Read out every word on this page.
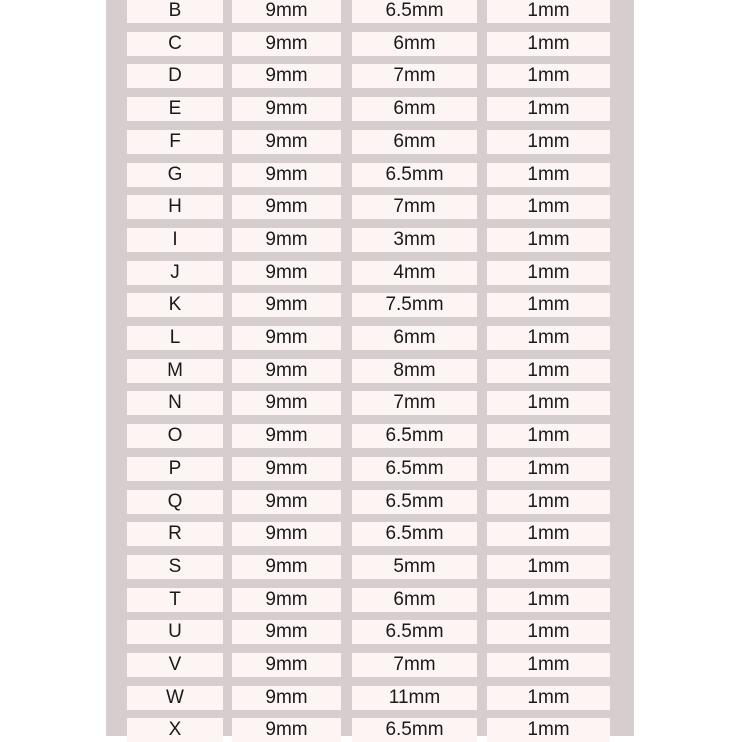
B	9mm	6.5mm	1mm
C	9mm	6mm	1mm
D	9mm	7mm	1mm
E	9mm	6mm	1mm
F	9mm	6mm	1mm
G	9mm	6.5mm	1mm
H	9mm	7mm	1mm
I	9mm	3mm	1mm
J	9mm	4mm	1mm
K	9mm	7.5mm	1mm
L	9mm	6mm	1mm
M	9mm	8mm	1mm
N	9mm	7mm	1mm
O	9mm	6.5mm	1mm
P	9mm	6.5mm	1mm
Q	9mm	6.5mm	1mm
R	9mm	6.5mm	1mm
S	9mm	5mm	1mm
T	9mm	6mm	1mm
U	9mm	6.5mm	1mm
V	9mm	7mm	1mm
W	9mm	11mm	1mm
X	9mm	6.5mm	1mm
